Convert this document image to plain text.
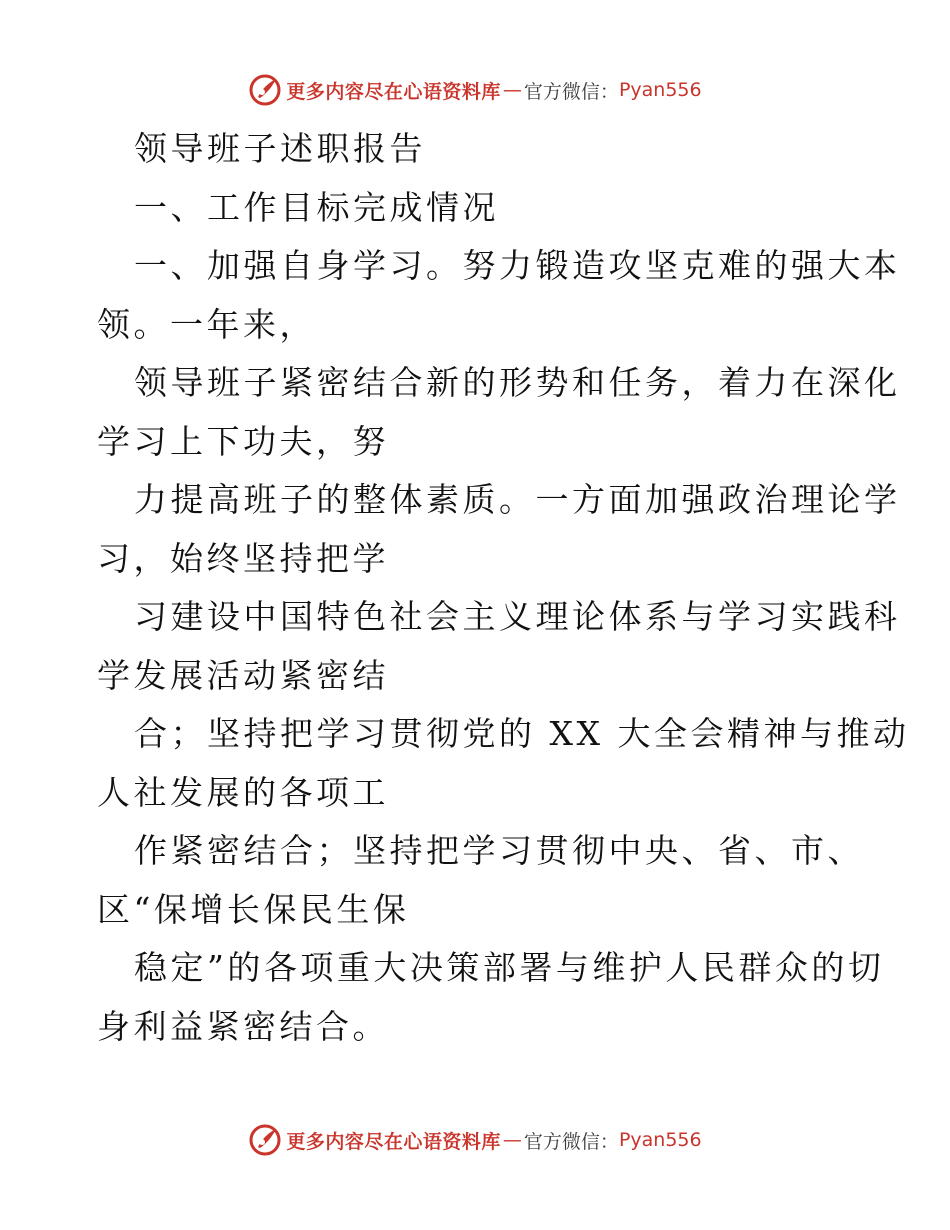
更多内容尽在心语资料库 — 官方微信： Pyan556
领导班子述职报告
一、工作目标完成情况
一、加强自身学习。努力锻造攻坚克难的强大本
领。一年来，
领导班子紧密结合新的形势和任务，着力在深化
学习上下功夫，努
力提高班子的整体素质。一方面加强政治理论学
习，始终坚持把学
习建设中国特色社会主义理论体系与学习实践科
学发展活动紧密结
合；坚持把学习贯彻党的 XX 大全会精神与推动
人社发展的各项工
作紧密结合；坚持把学习贯彻中央、省、市、
区“保增长保民生保
稳定”的各项重大决策部署与维护人民群众的切
身利益紧密结合。
更多内容尽在心语资料库 — 官方微信： Pyan556
